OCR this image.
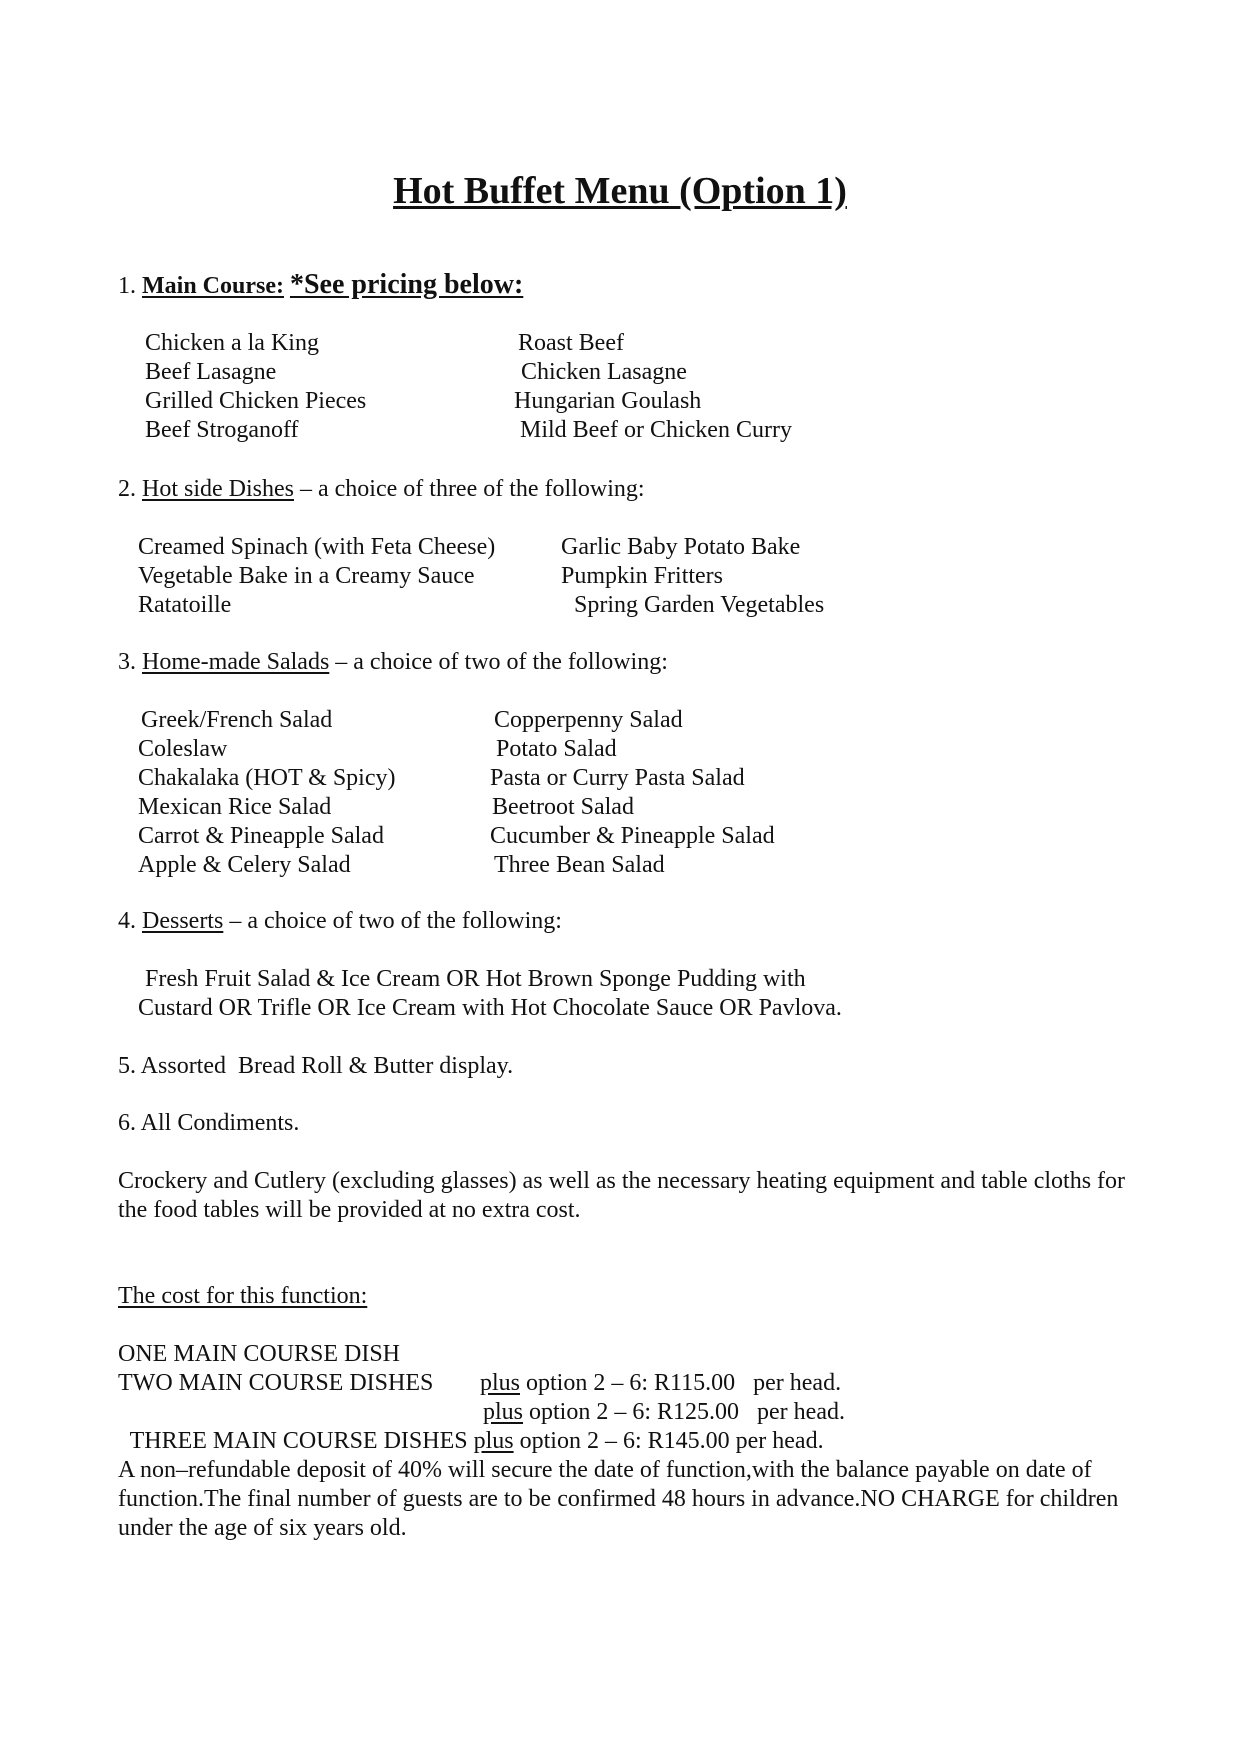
Hot Buffet Menu (Option 1)
1. Main Course: *See pricing below:
Chicken a la King
Beef Lasagne
Grilled Chicken Pieces
Beef Stroganoff
Roast Beef
Chicken Lasagne
Hungarian Goulash
Mild Beef or Chicken Curry
2. Hot side Dishes – a choice of three of the following:
Creamed Spinach (with Feta Cheese)
Vegetable Bake in a Creamy Sauce
Ratatoille
Garlic Baby Potato Bake
Pumpkin Fritters
Spring Garden Vegetables
3. Home-made Salads – a choice of two of the following:
Greek/French Salad
Coleslaw
Chakalaka (HOT & Spicy)
Mexican Rice Salad
Carrot & Pineapple Salad
Apple & Celery Salad
Copperpenny Salad
Potato Salad
Pasta or Curry Pasta Salad
Beetroot Salad
Cucumber & Pineapple Salad
Three Bean Salad
4. Desserts – a choice of two of the following:
Fresh Fruit Salad & Ice Cream OR Hot Brown Sponge Pudding with
Custard OR Trifle OR Ice Cream with Hot Chocolate Sauce OR Pavlova.
5. Assorted  Bread Roll & Butter display.
6. All Condiments.
Crockery and Cutlery (excluding glasses) as well as the necessary heating equipment and table cloths for the food tables will be provided at no extra cost.
The cost for this function:
ONE MAIN COURSE DISH

plus option 2 – 6: R115.00   per head.

TWO MAIN COURSE DISHES

plus option 2 – 6: R125.00   per head.

THREE MAIN COURSE DISHES plus option 2 – 6: R145.00 per head.

A non–refundable deposit of 40% will secure the date of function,with the balance payable on date of function.The final number of guests are to be confirmed 48 hours in advance.NO CHARGE for children under the age of six years old.
